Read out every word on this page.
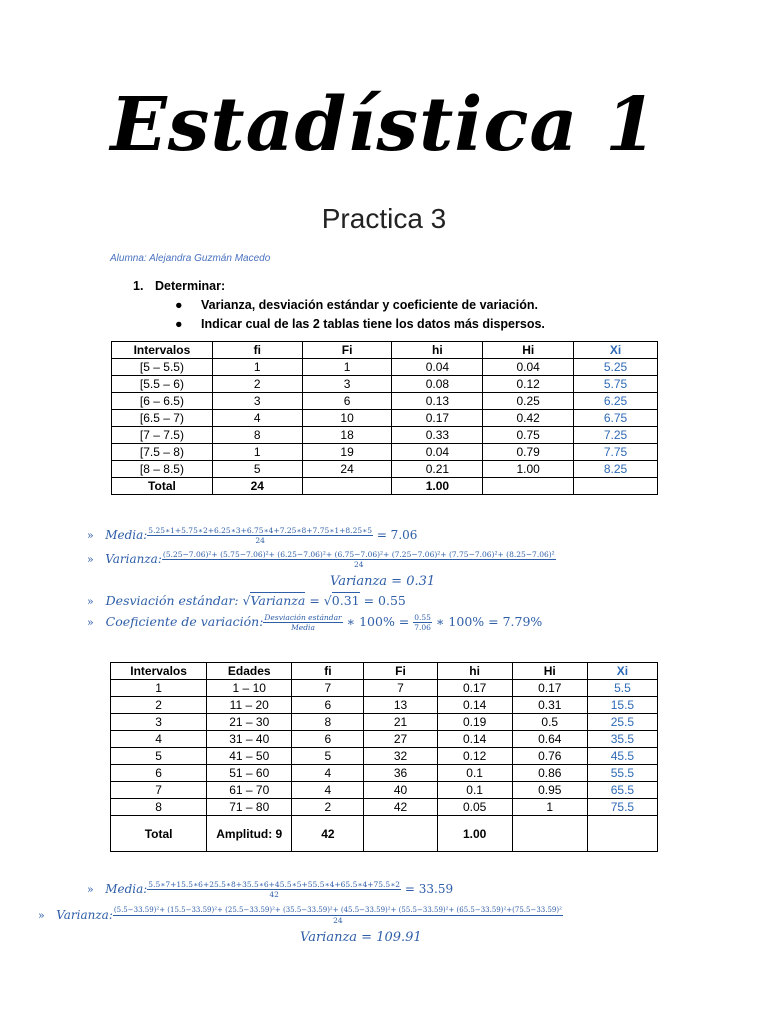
Estadística 1
Practica 3
Alumna: Alejandra Guzmán Macedo
1. Determinar:
● Varianza, desviación estándar y coeficiente de variación.
● Indicar cual de las 2 tablas tiene los datos más dispersos.
Intervalos	fi	Fi	hi	Hi	Xi
[5 – 5.5)	1	1	0.04	0.04	5.25
[5.5 – 6)	2	3	0.08	0.12	5.75
[6 – 6.5)	3	6	0.13	0.25	6.25
[6.5 – 7)	4	10	0.17	0.42	6.75
[7 – 7.5)	8	18	0.33	0.75	7.25
[7.5 – 8)	1	19	0.04	0.79	7.75
[8 – 8.5)	5	24	0.21	1.00	8.25
Total	24		1.00		
» Media: $\frac{5.25∗1+5.75∗2+6.25∗3+6.75∗4+7.25∗8+7.75∗1+8.25∗5}{24} = 7.06$
» Varianza: (5.25−7.06)²+ (5.75−7.06)²+ (6.25−7.06)²+ (6.75−7.06)²+ (7.25−7.06)²+ (7.75−7.06)²+ (8.25−7.06)²
24
Varianza = 0.31
» Desviación estándar: √Varianza = √0.31 = 0.55
» Coeficiente de variación: $\frac{\text{Desviación estándar}}{\text{Media}}$ ∗ $100\% = \frac{0.55}{7.06}$ ∗ 100% = 7.79%
Intervalos	Edades	fi	Fi	hi	Hi	Xi
1	1 – 10	7	7	0.17	0.17	5.5
2	11 – 20	6	13	0.14	0.31	15.5
3	21 – 30	8	21	0.19	0.5	25.5
4	31 – 40	6	27	0.14	0.64	35.5
5	41 – 50	5	32	0.12	0.76	45.5
6	51 – 60	4	36	0.1	0.86	55.5
7	61 – 70	4	40	0.1	0.95	65.5
8	71 – 80	2	42	0.05	1	75.5
Total	Amplitud: 9	42		1.00		
» Media: $\frac{5.5∗7+15.5∗6+25.5∗8+35.5∗6+45.5∗5+55.5∗4+65.5∗4+75.5∗2}{42} = 33.59$
» Varianza: (5.5−33.59)²+ (15.5−33.59)²+ (25.5−33.59)²+ (35.5−33.59)²+ (45.5−33.59)²+ (55.5−33.59)²+ (65.5−33.59)²+(75.5−33.59)²
24
Varianza = 109.91
